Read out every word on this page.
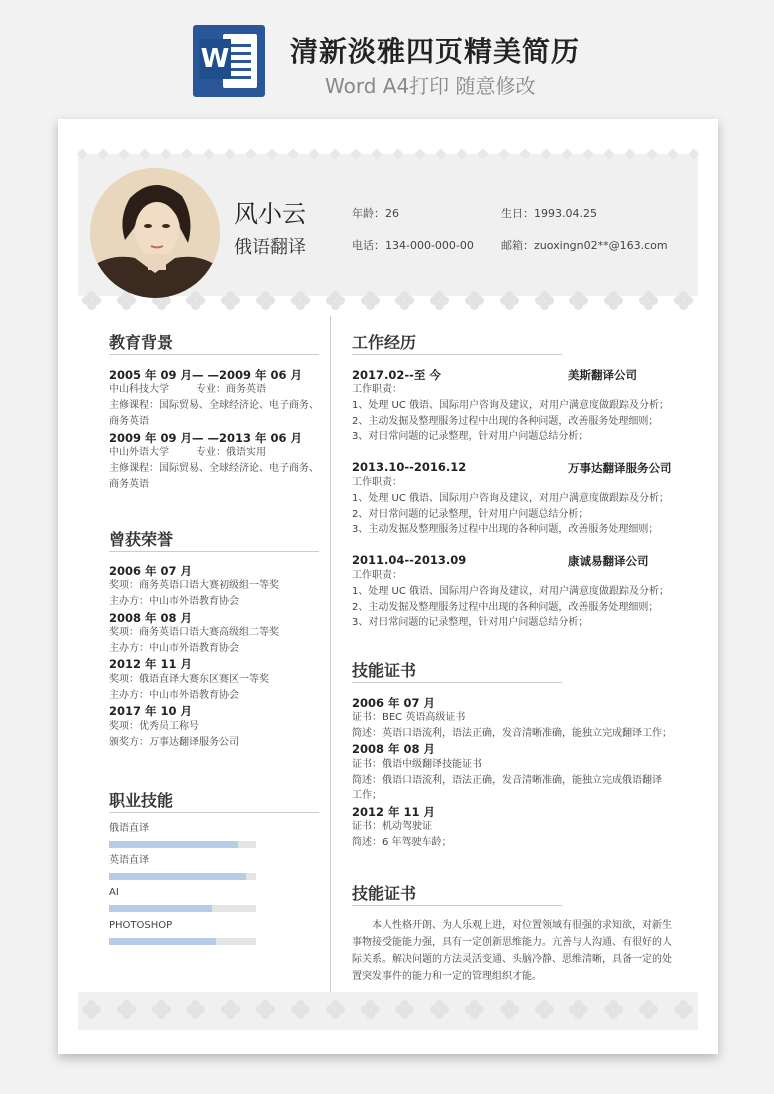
W 清新淡雅四页精美简历
Word A4打印 随意修改
风小云
俄语翻译
年龄：26	生日：1993.04.25
电话：134-000-000-00 邮箱：zuoxingn02**@163.com
教育背景
2005 年 09 月— —2009 年 06 月
中山科技大学	专业：商务英语
主修课程：国际贸易、全球经济论、电子商务、
商务英语
2009 年 09 月— —2013 年 06 月
中山外语大学	专业：俄语实用
主修课程：国际贸易、全球经济论、电子商务、
商务英语
曾获荣誉
2006 年 07 月
奖项：商务英语口语大赛初级组一等奖
主办方：中山市外语教育协会
2008 年 08 月
奖项：商务英语口语大赛高级组二等奖
主办方：中山市外语教育协会
2012 年 11 月
奖项：俄语直译大赛东区赛区一等奖
主办方：中山市外语教育协会
2017 年 10 月
奖项：优秀员工称号
颁奖方：万事达翻译服务公司
职业技能
俄语直译
英语直译
AI
PHOTOSHOP
工作经历
2017.02--至 今	美斯翻译公司
工作职责：
1、处理 UC 俄语、国际用户咨询及建议，对用户满意度做跟踪及分析；
2、主动发掘及整理服务过程中出现的各种问题，改善服务处理细则；
3、对日常问题的记录整理，针对用户问题总结分析；
2013.10--2016.12	万事达翻译服务公司
工作职责：
1、处理 UC 俄语、国际用户咨询及建议，对用户满意度做跟踪及分析；
2、对日常问题的记录整理，针对用户问题总结分析；
3、主动发掘及整理服务过程中出现的各种问题，改善服务处理细则；
2011.04--2013.09	康诚易翻译公司
工作职责：
1、处理 UC 俄语、国际用户咨询及建议，对用户满意度做跟踪及分析；
2、主动发掘及整理服务过程中出现的各种问题，改善服务处理细则；
3、对日常问题的记录整理，针对用户问题总结分析；
技能证书
2006 年 07 月
证书：BEC 英语高级证书
简述：英语口语流利，语法正确，发音清晰准确，能独立完成翻译工作；
2008 年 08 月
证书：俄语中级翻译技能证书
简述：俄语口语流利，语法正确，发音清晰准确，能独立完成俄语翻译
工作；
2012 年 11 月
证书：机动驾驶证
简述：6 年驾驶车龄；
技能证书
本人性格开朗、为人乐观上进，对位置领域有很强的求知欲，对新生事物接受能能力强，具有一定创新思维能力。亢善与人沟通、有很好的人际关系。解决问题的方法灵活变通、头脑冷静、思维清晰，具备一定的处置突发事件的能力和一定的管理组织才能。
